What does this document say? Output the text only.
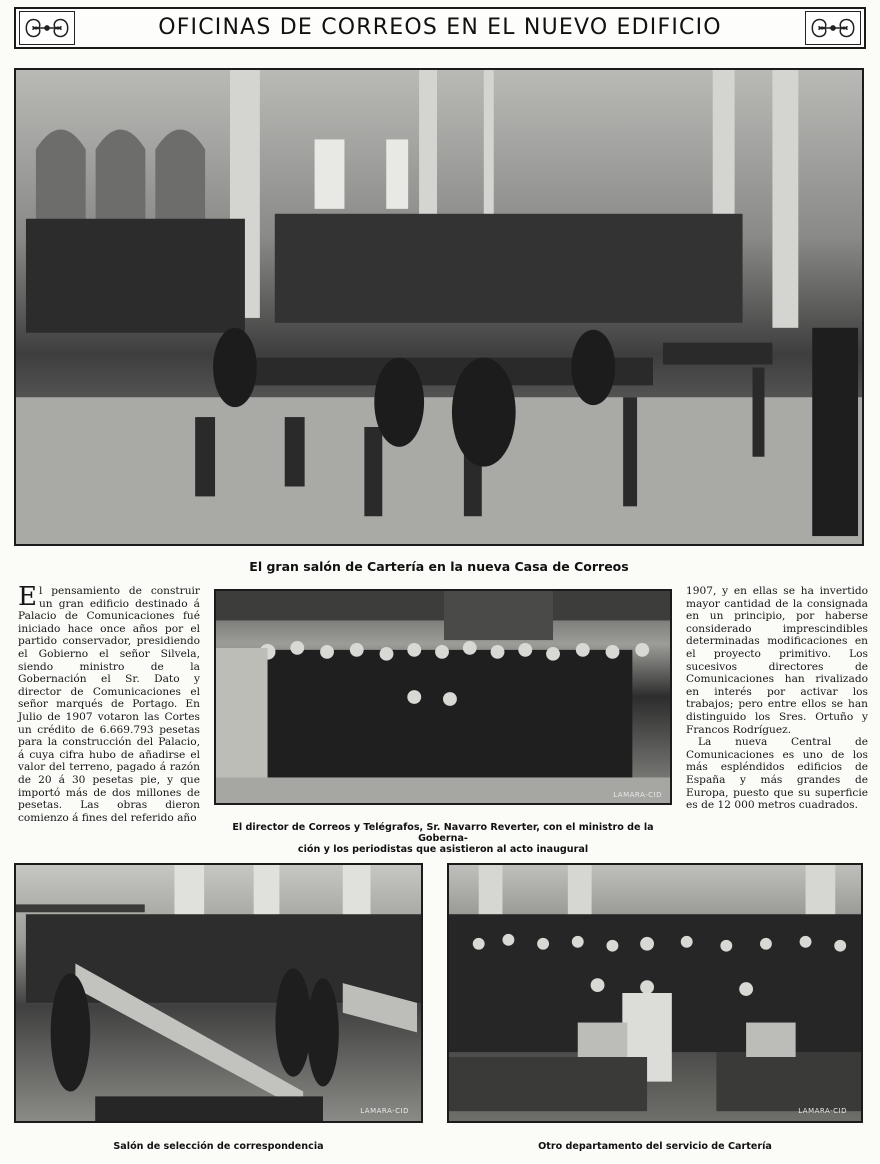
OFICINAS DE CORREOS EN EL NUEVO EDIFICIO
El gran salón de Cartería en la nueva Casa de Correos

El pensamiento de construir un gran edificio destinado á Palacio de Comunicaciones fué iniciado hace once años por el partido conservador, presidiendo el Gobierno el señor Silvela, siendo ministro de la Gobernación el Sr. Dato y director de Comunicaciones el señor marqués de Portago. En Julio de 1907 votaron las Cortes un crédito de 6.669.793 pesetas para la construcción del Palacio, á cuya cifra hubo de añadirse el valor del terreno, pagado á razón de 20 á 30 pesetas pie, y que importó más de dos millones de pesetas. Las obras dieron comienzo á fines del referido año

LAMARA-CID
El director de Correos y Telégrafos, Sr. Navarro Reverter, con el ministro de la Goberna-
ción y los periodistas que asistieron al acto inaugural

1907, y en ellas se ha invertido mayor cantidad de la consignada en un principio, por haberse considerado imprescindibles determinadas modificaciones en el proyecto primitivo. Los sucesivos directores de Comunicaciones han rivalizado en interés por activar los trabajos; pero entre ellos se han distinguido los Sres. Ortuño y Francos Rodríguez.

La nueva Central de Comunicaciones es uno de los más espléndidos edificios de España y más grandes de Europa, puesto que su superficie es de 12 000 metros cuadrados.

LAMARA-CID	LAMARA-CID
Salón de selección de correspondencia	Otro departamento del servicio de Cartería
